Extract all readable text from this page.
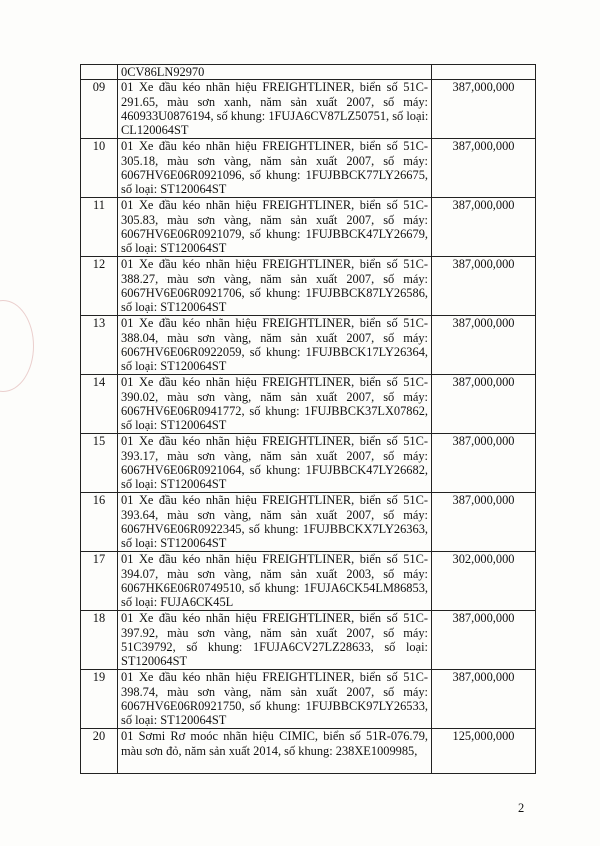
	0CV86LN92970	

09	01 Xe đầu kéo nhãn hiệu FREIGHTLINER, biển số 51C-
291.65, màu sơn xanh, năm sản xuất 2007, số máy:
460933U0876194, số khung: 1FUJA6CV87LZ50751, số loại:
CL120064ST	387,000,000
10	01 Xe đầu kéo nhãn hiệu FREIGHTLINER, biển số 51C-
305.18, màu sơn vàng, năm sản xuất 2007, số máy:
6067HV6E06R0921096, số khung: 1FUJBBCK77LY26675,
số loại: ST120064ST	387,000,000
11	01 Xe đầu kéo nhãn hiệu FREIGHTLINER, biển số 51C-
305.83, màu sơn vàng, năm sản xuất 2007, số máy:
6067HV6E06R0921079, số khung: 1FUJBBCK47LY26679,
số loại: ST120064ST	387,000,000
12	01 Xe đầu kéo nhãn hiệu FREIGHTLINER, biển số 51C-
388.27, màu sơn vàng, năm sản xuất 2007, số máy:
6067HV6E06R0921706, số khung: 1FUJBBCK87LY26586,
số loại: ST120064ST	387,000,000
13	01 Xe đầu kéo nhãn hiệu FREIGHTLINER, biển số 51C-
388.04, màu sơn vàng, năm sản xuất 2007, số máy:
6067HV6E06R0922059, số khung: 1FUJBBCK17LY26364,
số loại: ST120064ST	387,000,000
14	01 Xe đầu kéo nhãn hiệu FREIGHTLINER, biển số 51C-
390.02, màu sơn vàng, năm sản xuất 2007, số máy:
6067HV6E06R0941772, số khung: 1FUJBBCK37LX07862,
số loại: ST120064ST	387,000,000
15	01 Xe đầu kéo nhãn hiệu FREIGHTLINER, biển số 51C-
393.17, màu sơn vàng, năm sản xuất 2007, số máy:
6067HV6E06R0921064, số khung: 1FUJBBCK47LY26682,
số loại: ST120064ST	387,000,000
16	01 Xe đầu kéo nhãn hiệu FREIGHTLINER, biển số 51C-
393.64, màu sơn vàng, năm sản xuất 2007, số máy:
6067HV6E06R0922345, số khung: 1FUJBBCKX7LY26363,
số loại: ST120064ST	387,000,000
17	01 Xe đầu kéo nhãn hiệu FREIGHTLINER, biển số 51C-
394.07, màu sơn vàng, năm sản xuất 2003, số máy:
6067HK6E06R0749510, số khung: 1FUJA6CK54LM86853,
số loại: FUJA6CK45L	302,000,000
18	01 Xe đầu kéo nhãn hiệu FREIGHTLINER, biển số 51C-
397.92, màu sơn vàng, năm sản xuất 2007, số máy:
51C39792, số khung: 1FUJA6CV27LZ28633, số loại:
ST120064ST	387,000,000
19	01 Xe đầu kéo nhãn hiệu FREIGHTLINER, biển số 51C-
398.74, màu sơn vàng, năm sản xuất 2007, số máy:
6067HV6E06R0921750, số khung: 1FUJBBCK97LY26533,
số loại: ST120064ST	387,000,000
20	01 Sơmi Rơ moóc nhãn hiệu CIMIC, biển số 51R-076.79,
màu sơn đỏ, năm sản xuất 2014, số khung: 238XE1009985,	125,000,000
2
